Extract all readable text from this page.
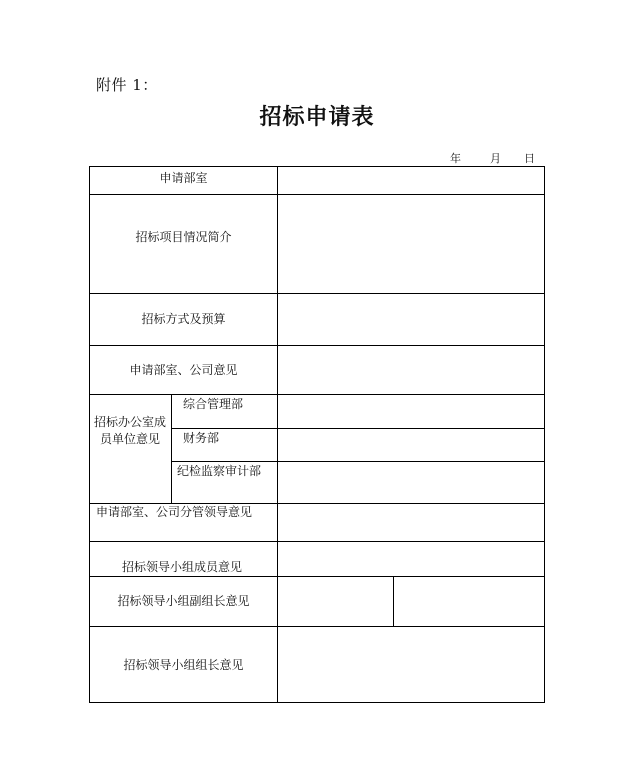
附件 1：
招标申请表
年	月 日
申请部室
招标项目情况简介
招标方式及预算
申请部室、公司意见
招标办公室成员单位意见
综合管理部
财务部
纪检监察审计部
申请部室、公司分管领导意见
招标领导小组成员意见
招标领导小组副组长意见
招标领导小组组长意见
